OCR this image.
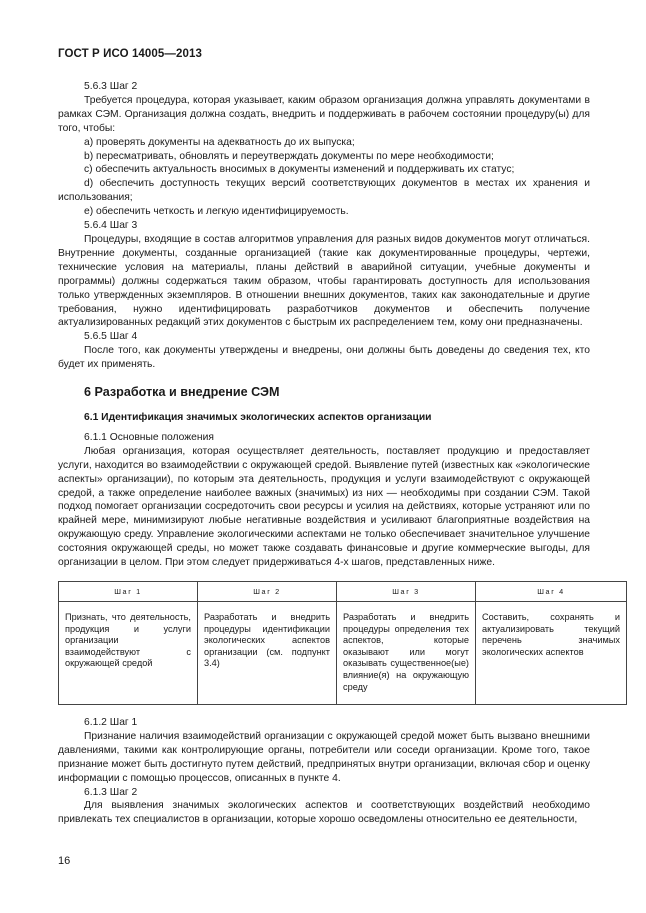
ГОСТ Р ИСО 14005—2013

5.6.3 Шаг 2

Требуется процедура, которая указывает, каким образом организация должна управлять документами в рамках СЭМ. Организация должна создать, внедрить и поддерживать в рабочем состоянии процедуру(ы) для того, чтобы:

a) проверять документы на адекватность до их выпуска;

b) пересматривать, обновлять и переутверждать документы по мере необходимости;

c) обеспечить актуальность вносимых в документы изменений и поддерживать их статус;

d) обеспечить доступность текущих версий соответствующих документов в местах их хранения и использования;

e) обеспечить четкость и легкую идентифицируемость.

5.6.4 Шаг 3

Процедуры, входящие в состав алгоритмов управления для разных видов документов могут отличаться. Внутренние документы, созданные организацией (такие как документированные процедуры, чертежи, технические условия на материалы, планы действий в аварийной ситуации, учебные документы и программы) должны содержаться таким образом, чтобы гарантировать доступность для использования только утвержденных экземпляров. В отношении внешних документов, таких как законодательные и другие требования, нужно идентифицировать разработчиков документов и обеспечить получение актуализированных редакций этих документов с быстрым их распределением тем, кому они предназначены.

5.6.5 Шаг 4

После того, как документы утверждены и внедрены, они должны быть доведены до сведения тех, кто будет их применять.

6 Разработка и внедрение СЭМ
6.1 Идентификация значимых экологических аспектов организации

6.1.1 Основные положения

Любая организация, которая осуществляет деятельность, поставляет продукцию и предоставляет услуги, находится во взаимодействии с окружающей средой. Выявление путей (известных как «экологические аспекты» организации), по которым эта деятельность, продукция и услуги взаимодействуют с окружающей средой, а также определение наиболее важных (значимых) из них — необходимы при создании СЭМ. Такой подход помогает организации сосредоточить свои ресурсы и усилия на действиях, которые устраняют или по крайней мере, минимизируют любые негативные воздействия и усиливают благоприятные воздействия на окружающую среду. Управление экологическими аспектами не только обеспечивает значительное улучшение состояния окружающей среды, но может также создавать финансовые и другие коммерческие выгоды, для организации в целом. При этом следует придерживаться 4-х шагов, представленных ниже.

Шаг 1	Шаг 2	Шаг 3	Шаг 4
Признать, что деятельность, продукция и услуги организации взаимодействуют с окружающей средой	Разработать и внедрить процедуры идентификации экологических аспектов организации (см. подпункт 3.4)	Разработать и внедрить процедуры определения тех аспектов, которые оказывают или могут оказывать существенное(ые) влияние(я) на окружающую среду	Составить, сохранять и актуализировать текущий перечень значимых экологических аспектов

6.1.2 Шаг 1

Признание наличия взаимодействий организации с окружающей средой может быть вызвано внешними давлениями, такими как контролирующие органы, потребители или соседи организации. Кроме того, такое признание может быть достигнуто путем действий, предпринятых внутри организации, включая сбор и оценку информации с помощью процессов, описанных в пункте 4.

6.1.3 Шаг 2

Для выявления значимых экологических аспектов и соответствующих воздействий необходимо привлекать тех специалистов в организации, которые хорошо осведомлены относительно ее деятельности,

16
